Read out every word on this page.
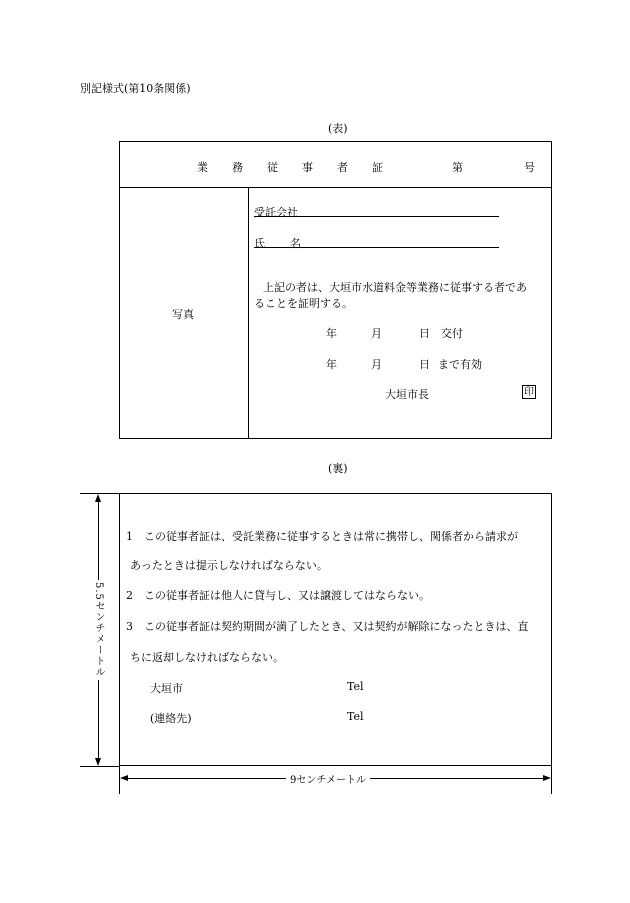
別記様式(第10条関係)
(表)
業 務 従 事 者 証	第	号
写真
受託会社
氏 名
上記の者は、大垣市水道料金等業務に従事する者であ
ることを証明する。
年	月	日 交付
年	月	日 まで有効
大垣市長	印
(裏)
1　この従事者証は、受託業務に従事するときは常に携帯し、関係者から請求が
あったときは提示しなければならない。
2　この従事者証は他人に貸与し、又は譲渡してはならない。
3　この従事者証は契約期間が満了したとき、又は契約が解除になったときは、直
ちに返却しなければならない。
大垣市	Tel
(連絡先)	Tel
5.5センチメートル
9センチメートル
